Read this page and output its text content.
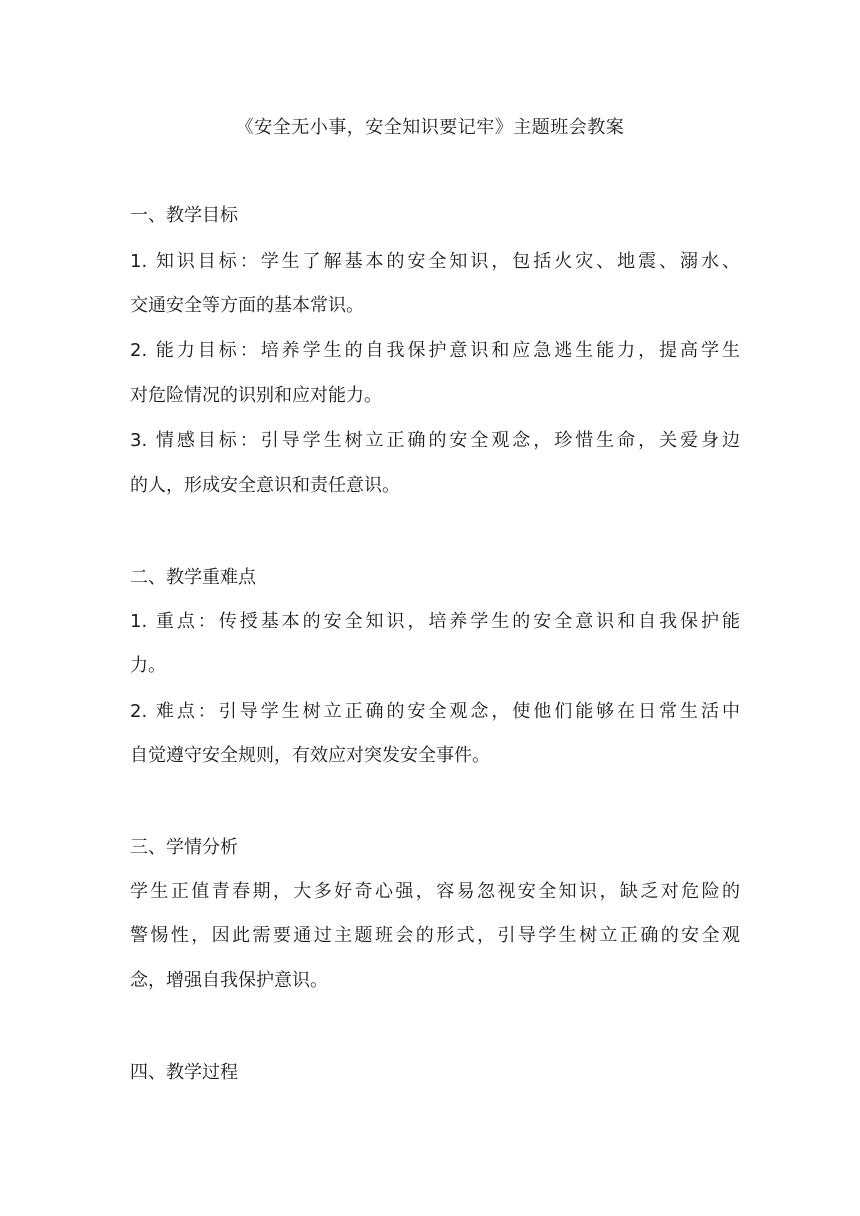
《安全无小事，安全知识要记牢》主题班会教案
一、教学目标
1. 知识目标：学生了解基本的安全知识，包括火灾、地震、溺水、
交通安全等方面的基本常识。
2. 能力目标：培养学生的自我保护意识和应急逃生能力，提高学生
对危险情况的识别和应对能力。
3. 情感目标：引导学生树立正确的安全观念，珍惜生命，关爱身边
的人，形成安全意识和责任意识。
二、教学重难点
1. 重点：传授基本的安全知识，培养学生的安全意识和自我保护能
力。
2. 难点：引导学生树立正确的安全观念，使他们能够在日常生活中
自觉遵守安全规则，有效应对突发安全事件。
三、学情分析
学生正值青春期，大多好奇心强，容易忽视安全知识，缺乏对危险的
警惕性，因此需要通过主题班会的形式，引导学生树立正确的安全观
念，增强自我保护意识。
四、教学过程
